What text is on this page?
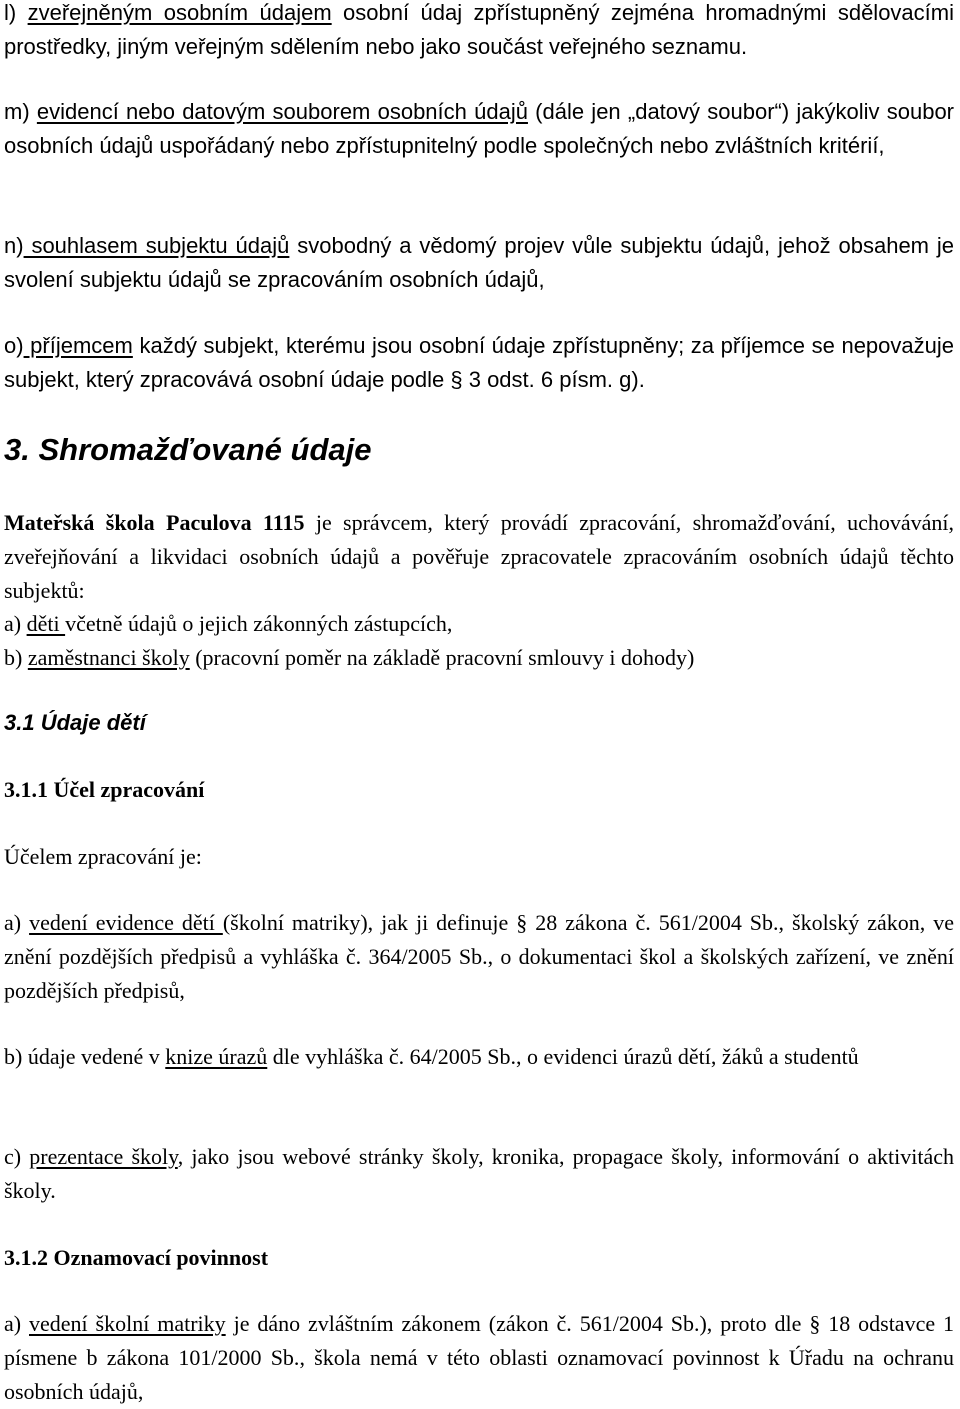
l) zveřejněným osobním údajem osobní údaj zpřístupněný zejména hromadnými sdělovacími prostředky, jiným veřejným sdělením nebo jako součást veřejného seznamu.

m) evidencí nebo datovým souborem osobních údajů (dále jen „datový soubor“) jakýkoliv soubor osobních údajů uspořádaný nebo zpřístupnitelný podle společných nebo zvláštních kritérií,

n) souhlasem subjektu údajů svobodný a vědomý projev vůle subjektu údajů, jehož obsahem je svolení subjektu údajů se zpracováním osobních údajů,

o) příjemcem každý subjekt, kterému jsou osobní údaje zpřístupněny; za příjemce se nepovažuje subjekt, který zpracovává osobní údaje podle § 3 odst. 6 písm. g).

3. Shromažďované údaje

Mateřská škola Paculova 1115 je správcem, který provádí zpracování, shromažďování, uchovávání, zveřejňování a likvidaci osobních údajů a pověřuje zpracovatele zpracováním osobních údajů těchto subjektů:

a) děti včetně údajů o jejich zákonných zástupcích,

b) zaměstnanci školy (pracovní poměr na základě pracovní smlouvy i dohody)

3.1 Údaje dětí
3.1.1 Účel zpracování

Účelem zpracování je:

a) vedení evidence dětí (školní matriky), jak ji definuje § 28 zákona č. 561/2004 Sb., školský zákon, ve znění pozdějších předpisů a vyhláška č. 364/2005 Sb., o dokumentaci škol a školských zařízení, ve znění pozdějších předpisů,

b) údaje vedené v knize úrazů dle vyhláška č. 64/2005 Sb., o evidenci úrazů dětí, žáků a studentů

c) prezentace školy, jako jsou webové stránky školy, kronika, propagace školy, informování o aktivitách školy.

3.1.2 Oznamovací povinnost

a) vedení školní matriky je dáno zvláštním zákonem (zákon č. 561/2004 Sb.), proto dle § 18 odstavce 1 písmene b zákona 101/2000 Sb., škola nemá v této oblasti oznamovací povinnost k Úřadu na ochranu osobních údajů,
